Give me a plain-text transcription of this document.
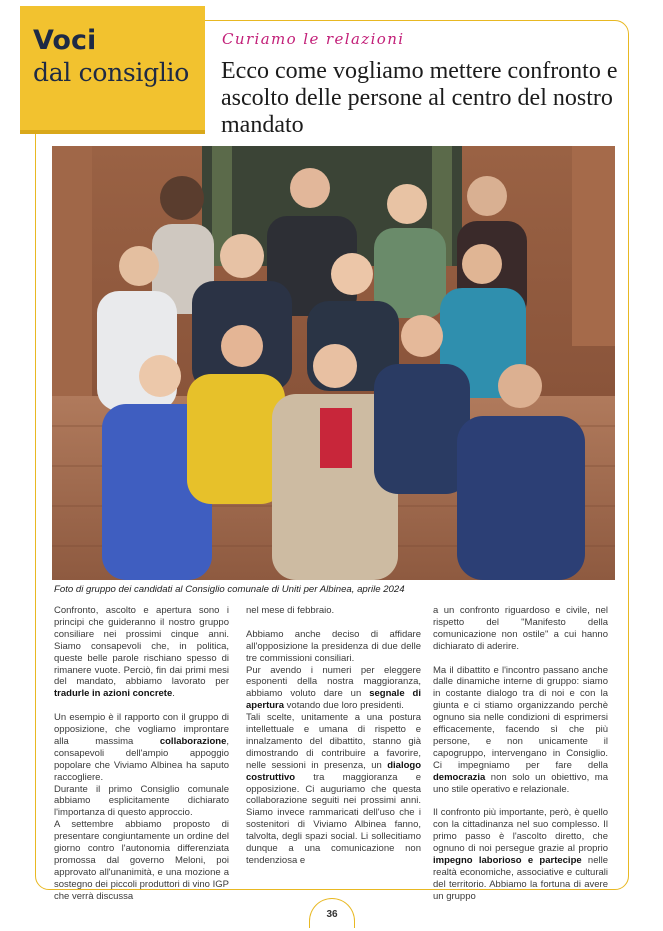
Voci
dal consiglio
Curiamo le relazioni
Ecco come vogliamo mettere confronto e ascolto delle persone al centro del nostro mandato
Foto di gruppo dei candidati al Consiglio comunale di Uniti per Albinea, aprile 2024

Confronto, ascolto e apertura sono i principi che guideranno il nostro gruppo consiliare nei prossimi cinque anni. Siamo consapevoli che, in politica, queste belle parole rischiano spesso di rimanere vuote. Perciò, fin dai primi mesi del mandato, abbiamo lavorato per tradurle in azioni concrete.

Un esempio è il rapporto con il gruppo di opposizione, che vogliamo improntare alla massima collaborazione, consapevoli dell'ampio appoggio popolare che Viviamo Albinea ha saputo raccogliere.

Durante il primo Consiglio comunale abbiamo esplicitamente dichiarato l'importanza di questo approccio.

A settembre abbiamo proposto di presentare congiuntamente un ordine del giorno contro l'autonomia differenziata promossa dal governo Meloni, poi approvato all'unanimità, e una mozione a sostegno dei piccoli produttori di vino IGP che verrà discussa

nel mese di febbraio.

Abbiamo anche deciso di affidare all'opposizione la presidenza di due delle tre commissioni consiliari.

Pur avendo i numeri per eleggere esponenti della nostra maggioranza, abbiamo voluto dare un segnale di apertura votando due loro presidenti.

Tali scelte, unitamente a una postura intellettuale e umana di rispetto e innalzamento del dibattito, stanno già dimostrando di contribuire a favorire, nelle sessioni in presenza, un dialogo costruttivo tra maggioranza e opposizione. Ci auguriamo che questa collaborazione seguiti nei prossimi anni. Siamo invece rammaricati dell'uso che i sostenitori di Viviamo Albinea fanno, talvolta, degli spazi social. Li sollecitiamo dunque a una comunicazione non tendenziosa e

a un confronto riguardoso e civile, nel rispetto del "Manifesto della comunicazione non ostile" a cui hanno dichiarato di aderire.

Ma il dibattito e l'incontro passano anche dalle dinamiche interne di gruppo: siamo in costante dialogo tra di noi e con la giunta e ci stiamo organizzando perchè ognuno sia nelle condizioni di esprimersi efficacemente, facendo sì che più persone, e non unicamente il capogruppo, intervengano in Consiglio. Ci impegniamo per fare della democrazia non solo un obiettivo, ma uno stile operativo e relazionale.

Il confronto più importante, però, è quello con la cittadinanza nel suo complesso. Il primo passo è l'ascolto diretto, che ognuno di noi persegue grazie al proprio impegno laborioso e partecipe nelle realtà economiche, associative e culturali del territorio. Abbiamo la fortuna di avere un gruppo

36
